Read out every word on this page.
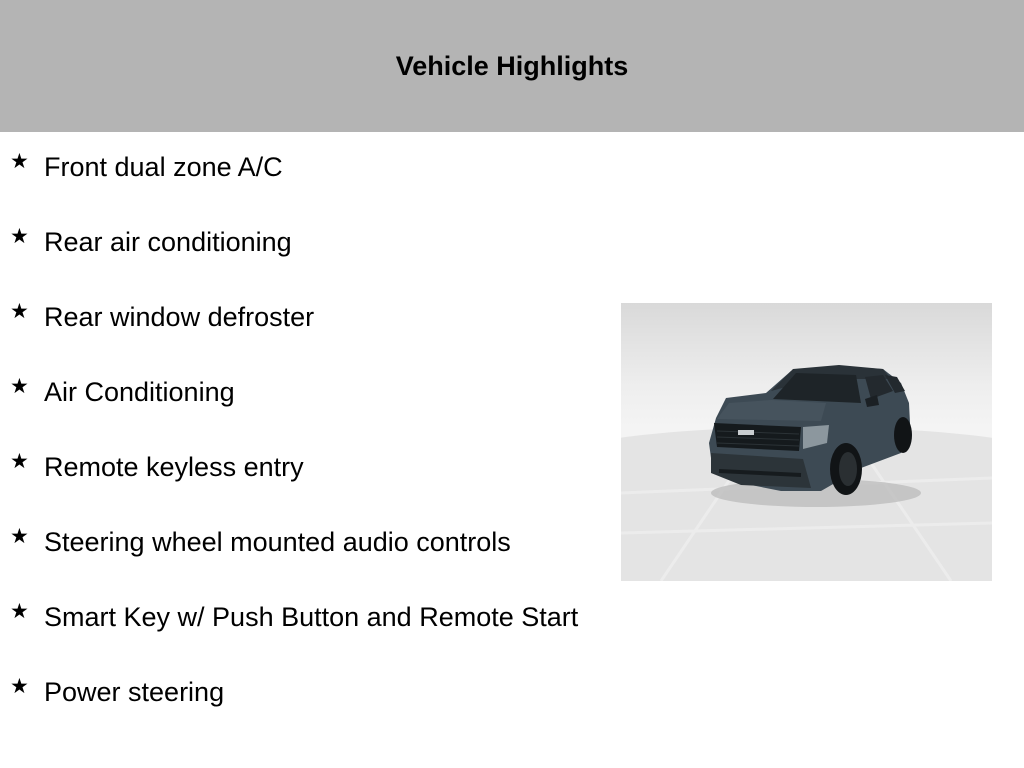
Vehicle Highlights
★ Front dual zone A/C
★ Rear air conditioning
★ Rear window defroster
★ Air Conditioning
★ Remote keyless entry
★ Steering wheel mounted audio controls
★ Smart Key w/ Push Button and Remote Start
★ Power steering
